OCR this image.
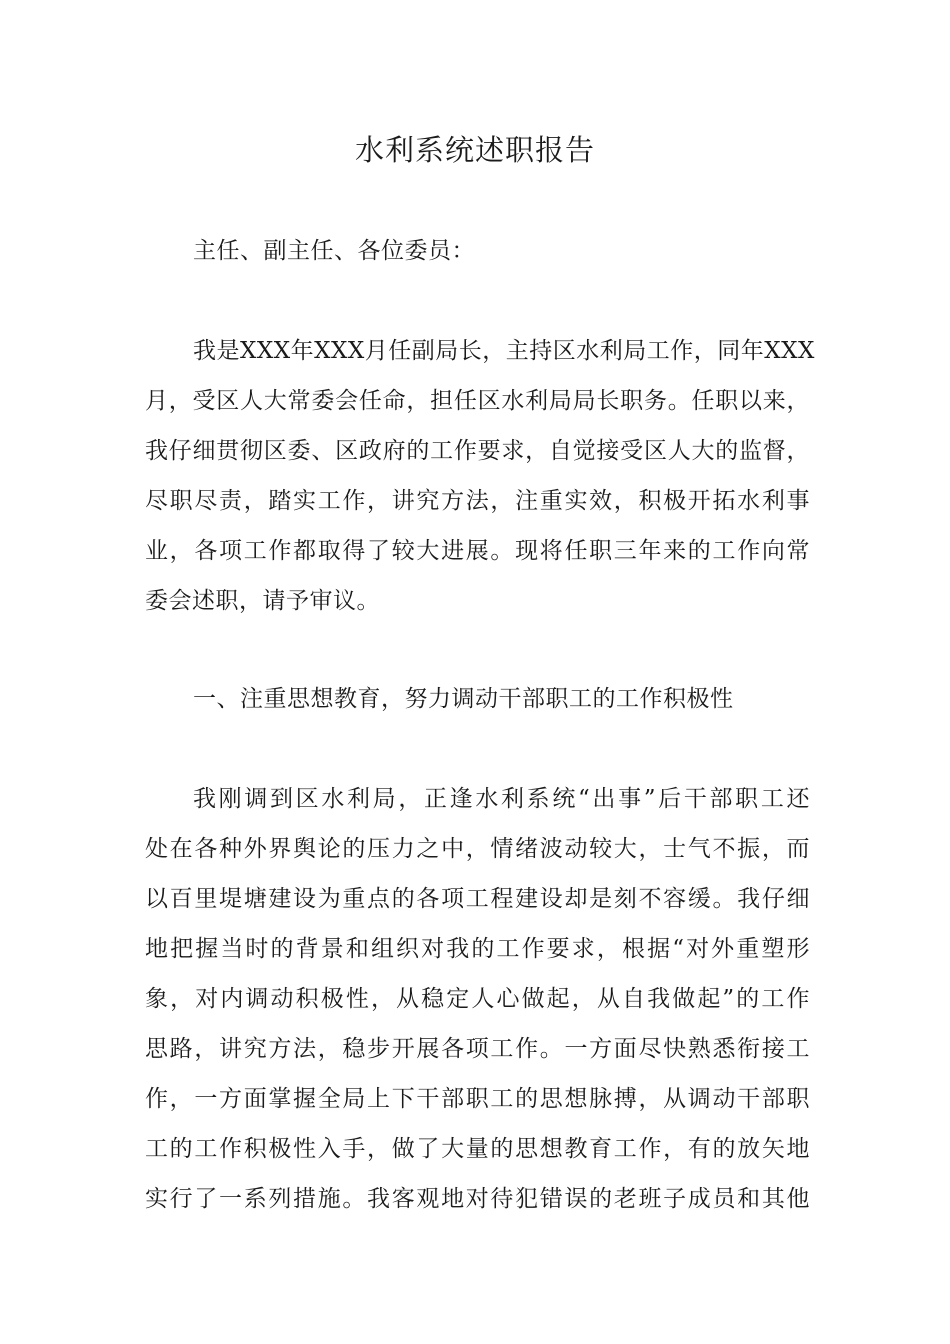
水利系统述职报告
主任、副主任、各位委员：
我是XXX年XXX月任副局长，主持区水利局工作，同年XXX
月，受区人大常委会任命，担任区水利局局长职务。任职以来，
我仔细贯彻区委、区政府的工作要求，自觉接受区人大的监督，
尽职尽责，踏实工作，讲究方法，注重实效，积极开拓水利事
业，各项工作都取得了较大进展。现将任职三年来的工作向常
委会述职，请予审议。
一、注重思想教育，努力调动干部职工的工作积极性
我刚调到区水利局，正逢水利系统“出事”后干部职工还
处在各种外界舆论的压力之中，情绪波动较大，士气不振，而
以百里堤塘建设为重点的各项工程建设却是刻不容缓。我仔细
地把握当时的背景和组织对我的工作要求，根据“对外重塑形
象，对内调动积极性，从稳定人心做起，从自我做起”的工作
思路，讲究方法，稳步开展各项工作。一方面尽快熟悉衔接工
作，一方面掌握全局上下干部职工的思想脉搏，从调动干部职
工的工作积极性入手，做了大量的思想教育工作，有的放矢地
实行了一系列措施。我客观地对待犯错误的老班子成员和其他
